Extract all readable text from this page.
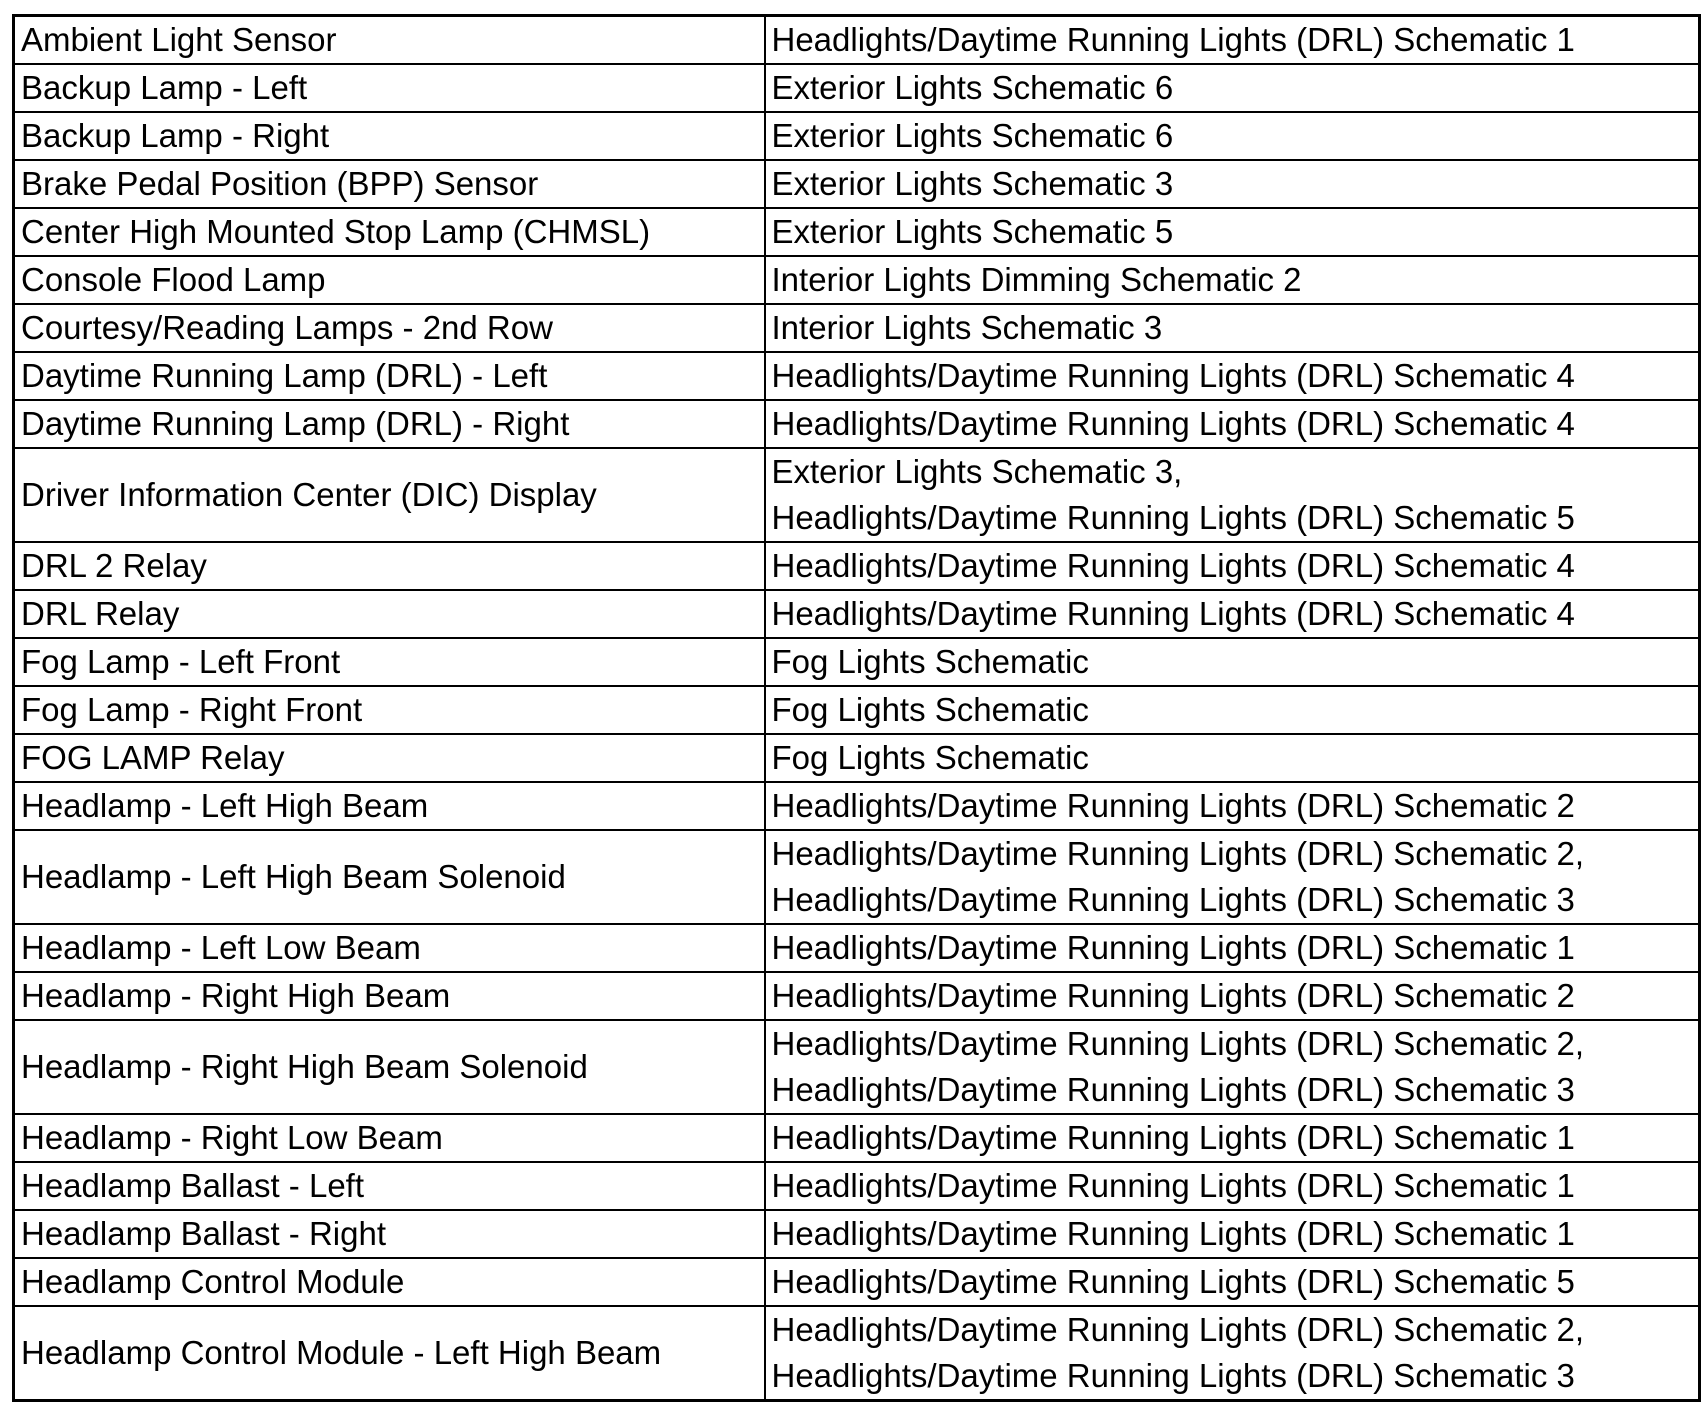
Ambient Light Sensor	Headlights/Daytime Running Lights (DRL) Schematic 1

Backup Lamp - Left	Exterior Lights Schematic 6

Backup Lamp - Right	Exterior Lights Schematic 6

Brake Pedal Position (BPP) Sensor	Exterior Lights Schematic 3

Center High Mounted Stop Lamp (CHMSL)	Exterior Lights Schematic 5

Console Flood Lamp	Interior Lights Dimming Schematic 2

Courtesy/Reading Lamps - 2nd Row	Interior Lights Schematic 3

Daytime Running Lamp (DRL) - Left	Headlights/Daytime Running Lights (DRL) Schematic 4

Daytime Running Lamp (DRL) - Right	Headlights/Daytime Running Lights (DRL) Schematic 4

Driver Information Center (DIC) Display	Exterior Lights Schematic 3,
Headlights/Daytime Running Lights (DRL) Schematic 5

DRL 2 Relay	Headlights/Daytime Running Lights (DRL) Schematic 4

DRL Relay	Headlights/Daytime Running Lights (DRL) Schematic 4

Fog Lamp - Left Front	Fog Lights Schematic

Fog Lamp - Right Front	Fog Lights Schematic

FOG LAMP Relay	Fog Lights Schematic

Headlamp - Left High Beam	Headlights/Daytime Running Lights (DRL) Schematic 2

Headlamp - Left High Beam Solenoid	Headlights/Daytime Running Lights (DRL) Schematic 2,
Headlights/Daytime Running Lights (DRL) Schematic 3

Headlamp - Left Low Beam	Headlights/Daytime Running Lights (DRL) Schematic 1

Headlamp - Right High Beam	Headlights/Daytime Running Lights (DRL) Schematic 2

Headlamp - Right High Beam Solenoid	Headlights/Daytime Running Lights (DRL) Schematic 2,
Headlights/Daytime Running Lights (DRL) Schematic 3

Headlamp - Right Low Beam	Headlights/Daytime Running Lights (DRL) Schematic 1

Headlamp Ballast - Left	Headlights/Daytime Running Lights (DRL) Schematic 1

Headlamp Ballast - Right	Headlights/Daytime Running Lights (DRL) Schematic 1

Headlamp Control Module	Headlights/Daytime Running Lights (DRL) Schematic 5

Headlamp Control Module - Left High Beam	Headlights/Daytime Running Lights (DRL) Schematic 2,
Headlights/Daytime Running Lights (DRL) Schematic 3
